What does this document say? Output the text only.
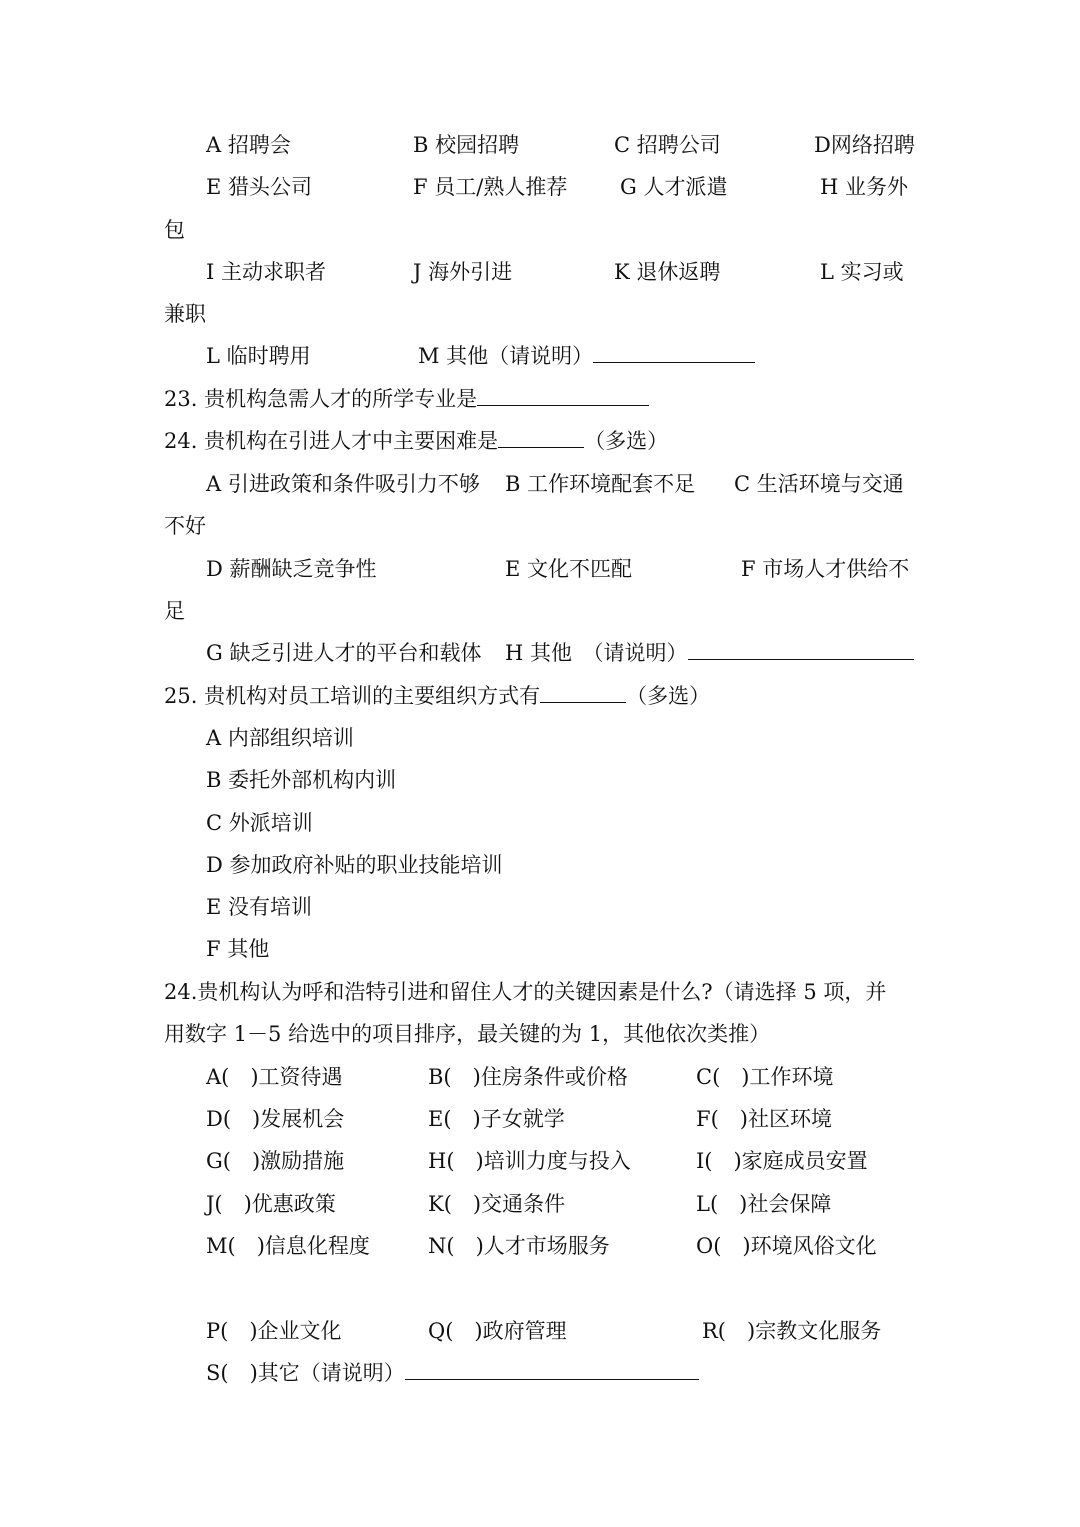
A 招聘会	B 校园招聘	C 招聘公司	D网络招聘
E 猎头公司	F 员工/熟人推荐	G 人才派遣	H 业务外
包
I 主动求职者	J 海外引进	K 退休返聘	L 实习或
兼职
L 临时聘用	M 其他（请说明）
23. 贵机构急需人才的所学专业是
24. 贵机构在引进人才中主要困难是	（多选）
A 引进政策和条件吸引力不够 B 工作环境配套不足 C 生活环境与交通
不好
D 薪酬缺乏竞争性	E 文化不匹配	F 市场人才供给不
足
G 缺乏引进人才的平台和载体 H 其他　（请说明）
25. 贵机构对员工培训的主要组织方式有	（多选）
A 内部组织培训
B 委托外部机构内训
C 外派培训
D 参加政府补贴的职业技能培训
E 没有培训
F 其他
24.贵机构认为呼和浩特引进和留住人才的关键因素是什么?（请选择 5 项，并
用数字 1－5 给选中的项目排序，最关键的为 1，其他依次类推）
A(　)工资待遇	B(　)住房条件或价格	C(　)工作环境
D(　)发展机会	E(　)子女就学	F(　)社区环境
G(　)激励措施	H(　)培训力度与投入	I(　)家庭成员安置
J(　)优惠政策	K(　)交通条件	L(　)社会保障
M(　)信息化程度	N(　)人才市场服务	O(　)环境风俗文化
P(　)企业文化	Q(　)政府管理	R(　)宗教文化服务
S(　)其它（请说明）
